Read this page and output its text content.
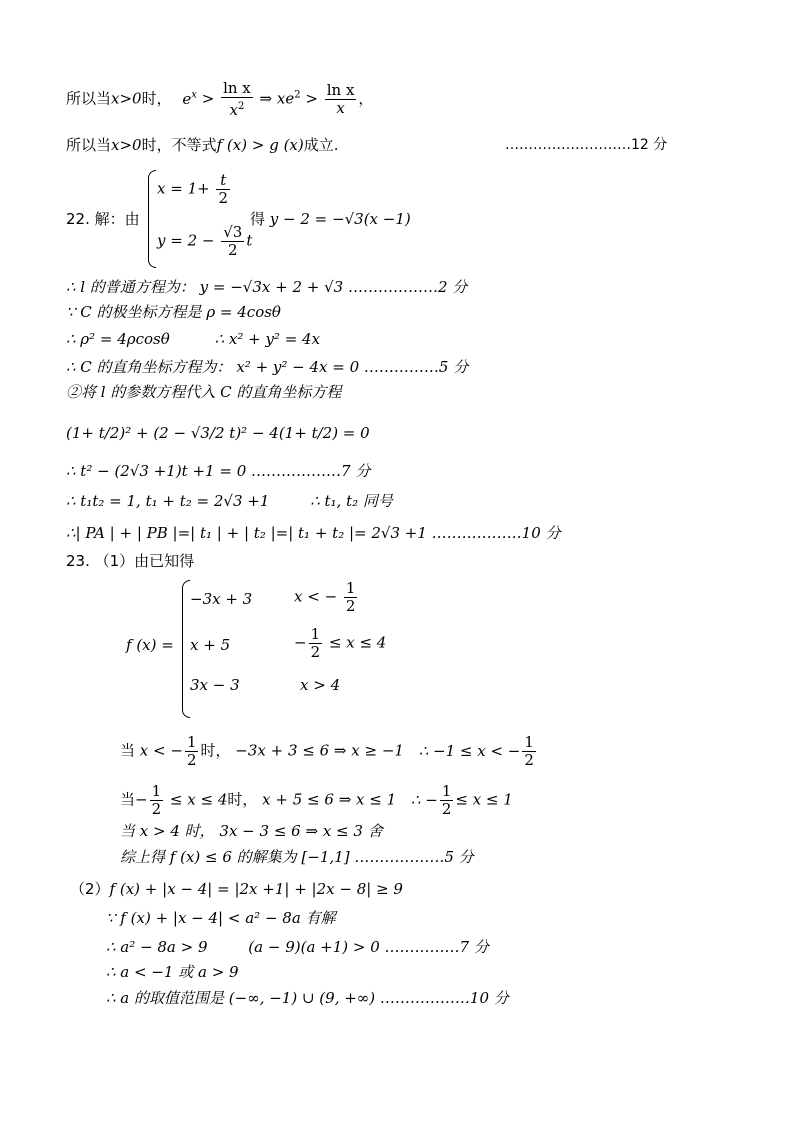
所以当x>0时， $e^x > \frac{\text{ln x}}{x^2}$ ⇒ $xe^2 > \frac{\text{ln x}}{x}$ ，
所以当x>0时，不等式f (x) > g (x)成立.	………………………12 分
22. 解：由
$x = 1+ \frac{t}{2}$
$y = 2 - \frac{√3}{2}$ t
得 y − 2 = −√3(x −1)
∴ l 的普通方程为： y = −√3x + 2 + √3 ………………2 分
∵ C 的极坐标方程是 ρ = 4cosθ
∴ ρ² = 4ρcosθ	∴ x² + y² = 4x
∴ C 的直角坐标方程为： x² + y² − 4x = 0 ……………5 分
②将 l 的参数方程代入 C 的直角坐标方程
(1+ t/2)² + (2 − √3/2 t)² − 4(1+ t/2) = 0
∴ t² − (2√3 +1)t +1 = 0 ………………7 分
∴ t₁t₂ = 1, t₁ + t₂ = 2√3 +1	∴ t₁, t₂ 同号
∴| PA | + | PB |=| t₁ | + | t₂ |=| t₁ + t₂ |= 2√3 +1 ………………10 分
23. （1）由已知得
f (x) =
−3x + 3	x < − $\frac{1}{2}$
x + 5	− $\frac{1}{2} \le x \le 4$
3x − 3	x > 4
当 x < − $\frac{1}{2}$ 时， −3x + 3 ≤ 6 ⇒ x ≥ −1 ∴ −1 ≤ x < − $\frac{1}{2}$
当− $\frac{1}{2} \le x \le 4$时， x + 5 ≤ 6 ⇒ x ≤ 1 ∴ − $\frac{1}{2} \le x \le 1$
当 x > 4 时， 3x − 3 ≤ 6 ⇒ x ≤ 3 舍
综上得 f (x) ≤ 6 的解集为 [−1,1] ………………5 分
（2）f (x) + |x − 4| = |2x +1| + |2x − 8| ≥ 9
∵ f (x) + |x − 4| < a² − 8a 有解
∴ a² − 8a > 9	(a − 9)(a +1) > 0 ……………7 分
∴ a < −1 或 a > 9
∴ a 的取值范围是 (−∞, −1) ∪ (9, +∞) ………………10 分
